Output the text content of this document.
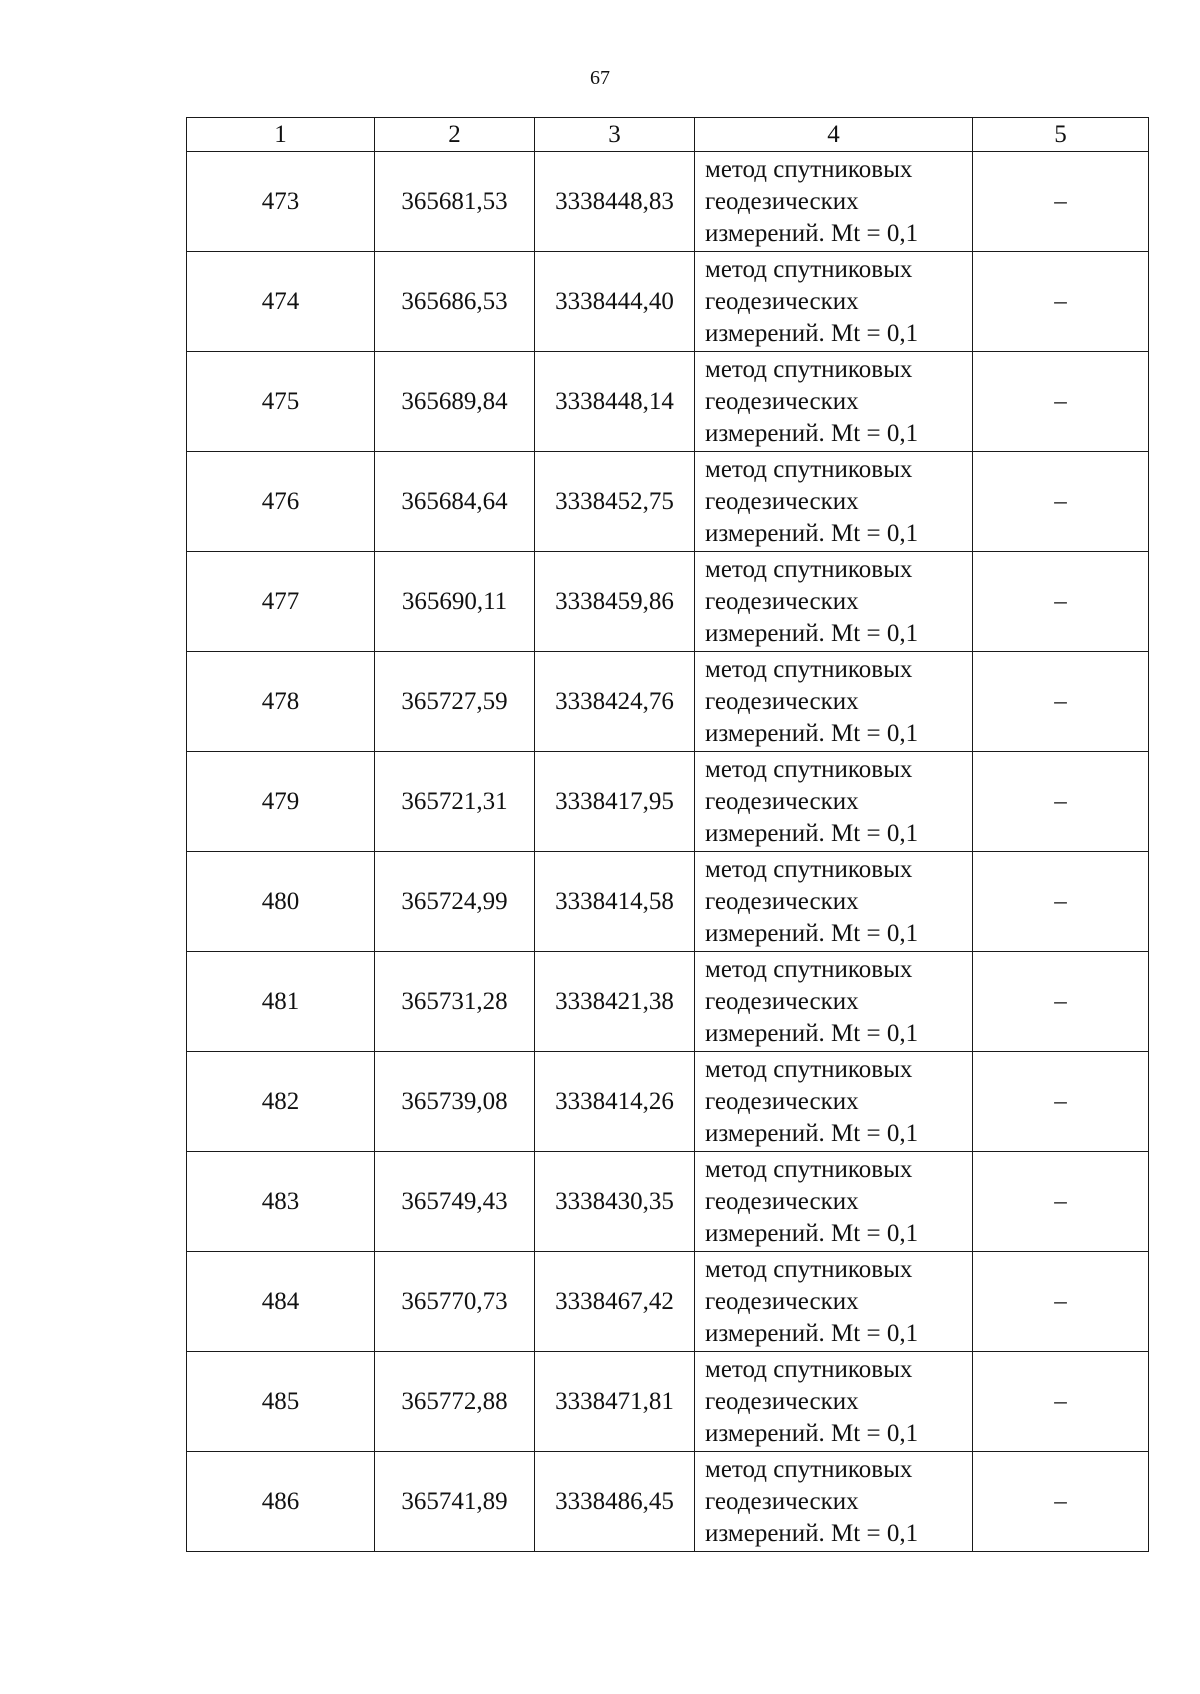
67
1	2	3	4	5
473	365681,53	3338448,83	метод спутниковых
геодезических
измерений. Mt = 0,1	–
474	365686,53	3338444,40	метод спутниковых
геодезических
измерений. Mt = 0,1	–
475	365689,84	3338448,14	метод спутниковых
геодезических
измерений. Mt = 0,1	–
476	365684,64	3338452,75	метод спутниковых
геодезических
измерений. Mt = 0,1	–
477	365690,11	3338459,86	метод спутниковых
геодезических
измерений. Mt = 0,1	–
478	365727,59	3338424,76	метод спутниковых
геодезических
измерений. Mt = 0,1	–
479	365721,31	3338417,95	метод спутниковых
геодезических
измерений. Mt = 0,1	–
480	365724,99	3338414,58	метод спутниковых
геодезических
измерений. Mt = 0,1	–
481	365731,28	3338421,38	метод спутниковых
геодезических
измерений. Mt = 0,1	–
482	365739,08	3338414,26	метод спутниковых
геодезических
измерений. Mt = 0,1	–
483	365749,43	3338430,35	метод спутниковых
геодезических
измерений. Mt = 0,1	–
484	365770,73	3338467,42	метод спутниковых
геодезических
измерений. Mt = 0,1	–
485	365772,88	3338471,81	метод спутниковых
геодезических
измерений. Mt = 0,1	–
486	365741,89	3338486,45	метод спутниковых
геодезических
измерений. Mt = 0,1	–
